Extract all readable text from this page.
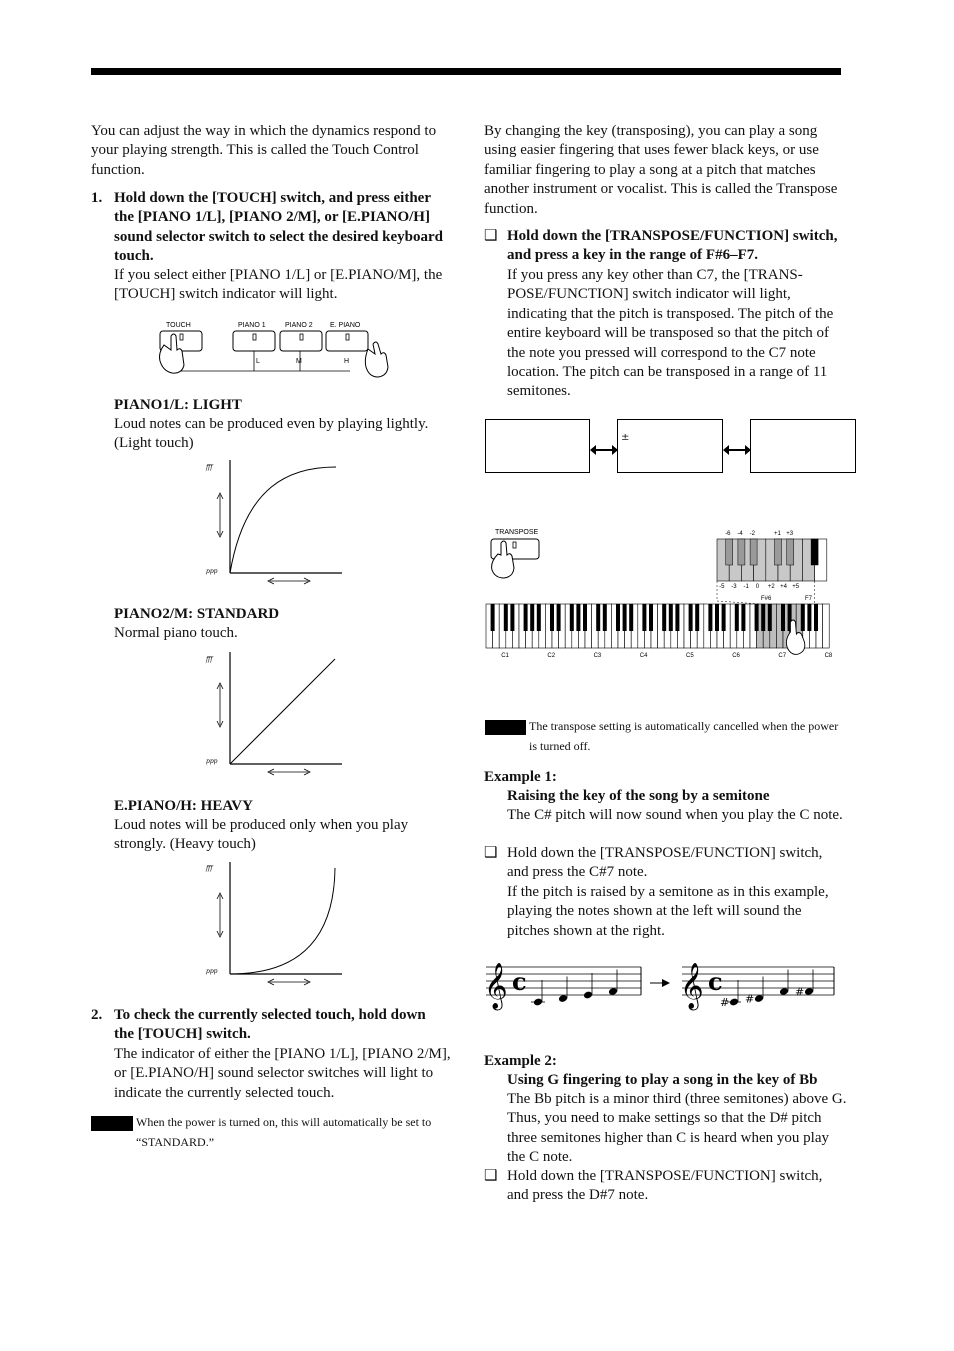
You can adjust the way in which the dynamics respond to your playing strength. This is called the Touch Control function.
1. Hold down the [TOUCH] switch, and press either the [PIANO 1/L], [PIANO 2/M], or [E.PIANO/H] sound selector switch to select the desired keyboard touch.
If you select either [PIANO 1/L] or [E.PIANO/M], the [TOUCH] switch indicator will light.
TOUCH	PIANO 1	PIANO 2 E. PIANO
L	M	H
PIANO1/L: LIGHT
Loud notes can be produced even by playing lightly. (Light touch)
fff
ppp
PIANO2/M: STANDARD
Normal piano touch.
fff
ppp
E.PIANO/H: HEAVY
Loud notes will be produced only when you play strongly. (Heavy touch)
fff
ppp
2. To check the currently selected touch, hold down the [TOUCH] switch.
The indicator of either the [PIANO 1/L], [PIANO 2/M], or [E.PIANO/H] sound selector switches will light to indicate the currently selected touch.
When the power is turned on, this will automatically be set to “STANDARD.”
By changing the key (transposing), you can play a song using easier fingering that uses fewer black keys, or use familiar fingering to play a song at a pitch that matches another instrument or vocalist. This is called the Transpose function.
❑ Hold down the [TRANSPOSE/FUNCTION] switch, and press a key in the range of F#6–F7.
If you press any key other than C7, the [TRANS-POSE/FUNCTION] switch indicator will light, indicating that the pitch is transposed. The pitch of the entire keyboard will be transposed so that the pitch of the note you pressed will correspond to the C7 note location. The pitch can be transposed in a range of 11 semitones.
±
TRANSPOSE	-6 -4 -2	+1 +3
-5 -3 -1 0 +2 +4 +5
F#6	F7
C1	C2	C3	C4	C5	C6	C7	C8
The transpose setting is automatically cancelled when the power is turned off.
Example 1:
Raising the key of the song by a semitone
The C# pitch will now sound when you play the C note.
❑ Hold down the [TRANSPOSE/FUNCTION] switch, and press the C#7 note.
If the pitch is raised by a semitone as in this example, playing the notes shown at the left will sound the pitches shown at the right.
𝄞 c	𝄞 c
# #
#
Example 2:
Using G fingering to play a song in the key of Bb
The Bb pitch is a minor third (three semitones) above G. Thus, you need to make settings so that the D# pitch three semitones higher than C is heard when you play the C note.
❑ Hold down the [TRANSPOSE/FUNCTION] switch, and press the D#7 note.
